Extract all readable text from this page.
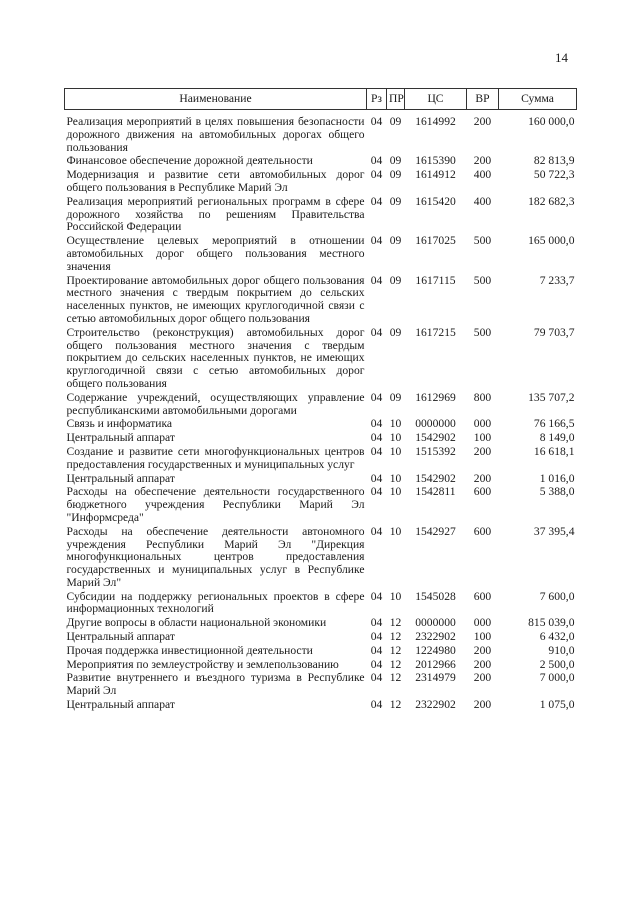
14
Наименование	Рз	ПР	ЦС	ВР	Сумма
Реализация мероприятий в целях повышения безопасности дорожного движения на автомобильных дорогах общего пользования	04	09	1614992	200	160 000,0
Финансовое обеспечение дорожной деятельности	04	09	1615390	200	82 813,9
Модернизация и развитие сети автомобильных дорог общего пользования в Республике Марий Эл	04	09	1614912	400	50 722,3
Реализация мероприятий региональных программ в сфере дорожного хозяйства по решениям Правительства Российской Федерации	04	09	1615420	400	182 682,3
Осуществление целевых мероприятий в отношении автомобильных дорог общего пользования местного значения	04	09	1617025	500	165 000,0
Проектирование автомобильных дорог общего пользования местного значения с твердым покрытием до сельских населенных пунктов, не имеющих круглогодичной связи с сетью автомобильных дорог общего пользования	04	09	1617115	500	7 233,7
Строительство (реконструкция) автомобильных дорог общего пользования местного значения с твердым покрытием до сельских населенных пунктов, не имеющих круглогодичной связи с сетью автомобильных дорог общего пользования	04	09	1617215	500	79 703,7
Содержание учреждений, осуществляющих управление республиканскими автомобильными дорогами	04	09	1612969	800	135 707,2
Связь и информатика	04	10	0000000	000	76 166,5
Центральный аппарат	04	10	1542902	100	8 149,0
Создание и развитие сети многофункциональных центров предоставления государственных и муниципальных услуг	04	10	1515392	200	16 618,1
Центральный аппарат	04	10	1542902	200	1 016,0
Расходы на обеспечение деятельности государственного бюджетного учреждения Республики Марий Эл "Информсреда"	04	10	1542811	600	5 388,0
Расходы на обеспечение деятельности автономного учреждения Республики Марий Эл "Дирекция многофункциональных центров предоставления государственных и муниципальных услуг в Республике Марий Эл"	04	10	1542927	600	37 395,4
Субсидии на поддержку региональных проектов в сфере информационных технологий	04	10	1545028	600	7 600,0
Другие вопросы в области национальной экономики	04	12	0000000	000	815 039,0
Центральный аппарат	04	12	2322902	100	6 432,0
Прочая поддержка инвестиционной деятельности	04	12	1224980	200	910,0
Мероприятия по землеустройству и землепользованию	04	12	2012966	200	2 500,0
Развитие внутреннего и въездного туризма в Республике Марий Эл	04	12	2314979	200	7 000,0
Центральный аппарат	04	12	2322902	200	1 075,0
